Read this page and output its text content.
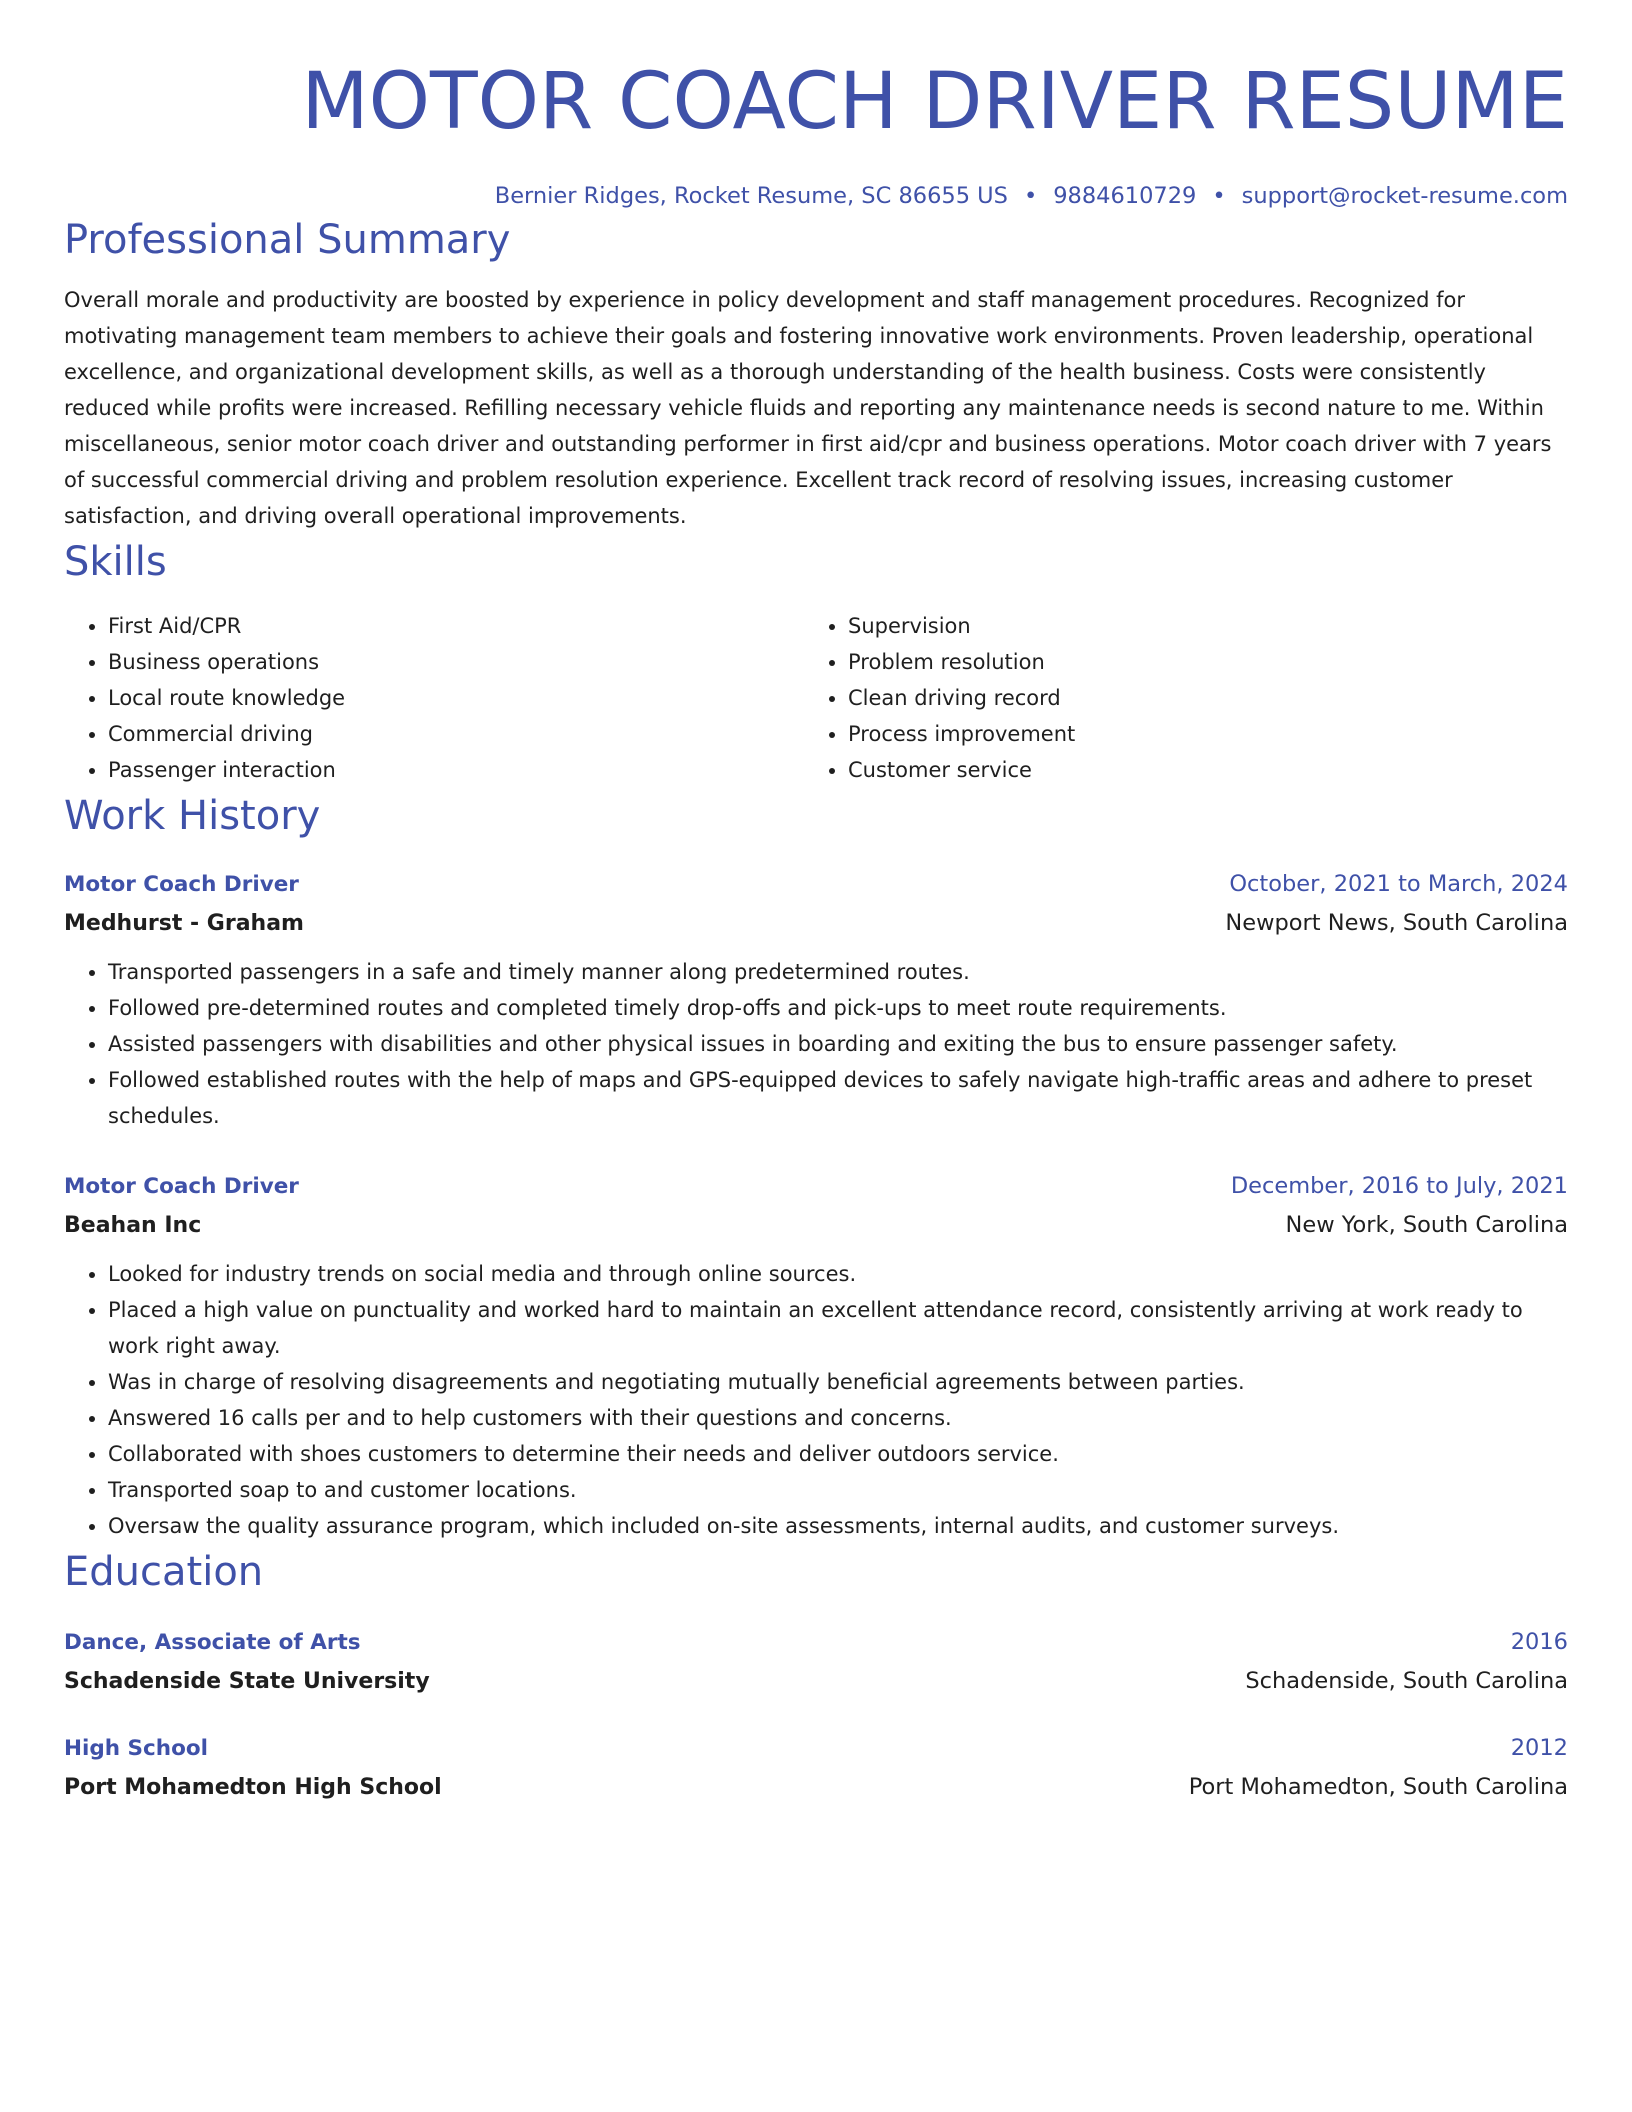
MOTOR COACH DRIVER RESUME
Bernier Ridges, Rocket Resume, SC 86655 US • 9884610729 • support@rocket-resume.com
Professional Summary
Overall morale and productivity are boosted by experience in policy development and staff management procedures. Recognized for motivating management team members to achieve their goals and fostering innovative work environments. Proven leadership, operational excellence, and organizational development skills, as well as a thorough understanding of the health business. Costs were consistently reduced while profits were increased. Refilling necessary vehicle fluids and reporting any maintenance needs is second nature to me. Within miscellaneous, senior motor coach driver and outstanding performer in first aid/cpr and business operations. Motor coach driver with 7 years of successful commercial driving and problem resolution experience. Excellent track record of resolving issues, increasing customer satisfaction, and driving overall operational improvements.
Skills
• First Aid/CPR
• Business operations
• Local route knowledge
• Commercial driving
• Passenger interaction
• Supervision
• Problem resolution
• Clean driving record
• Process improvement
• Customer service
Work History
Motor Coach Driver	October, 2021 to March, 2024
Medhurst - Graham	Newport News, South Carolina
• Transported passengers in a safe and timely manner along predetermined routes.
• Followed pre-determined routes and completed timely drop-offs and pick-ups to meet route requirements.
• Assisted passengers with disabilities and other physical issues in boarding and exiting the bus to ensure passenger safety.
• Followed established routes with the help of maps and GPS-equipped devices to safely navigate high-traffic areas and adhere to preset schedules.
Motor Coach Driver	December, 2016 to July, 2021
Beahan Inc	New York, South Carolina
• Looked for industry trends on social media and through online sources.
• Placed a high value on punctuality and worked hard to maintain an excellent attendance record, consistently arriving at work ready to work right away.
• Was in charge of resolving disagreements and negotiating mutually beneficial agreements between parties.
• Answered 16 calls per and to help customers with their questions and concerns.
• Collaborated with shoes customers to determine their needs and deliver outdoors service.
• Transported soap to and customer locations.
• Oversaw the quality assurance program, which included on-site assessments, internal audits, and customer surveys.
Education
Dance, Associate of Arts	2016
Schadenside State University	Schadenside, South Carolina
High School	2012
Port Mohamedton High School	Port Mohamedton, South Carolina
